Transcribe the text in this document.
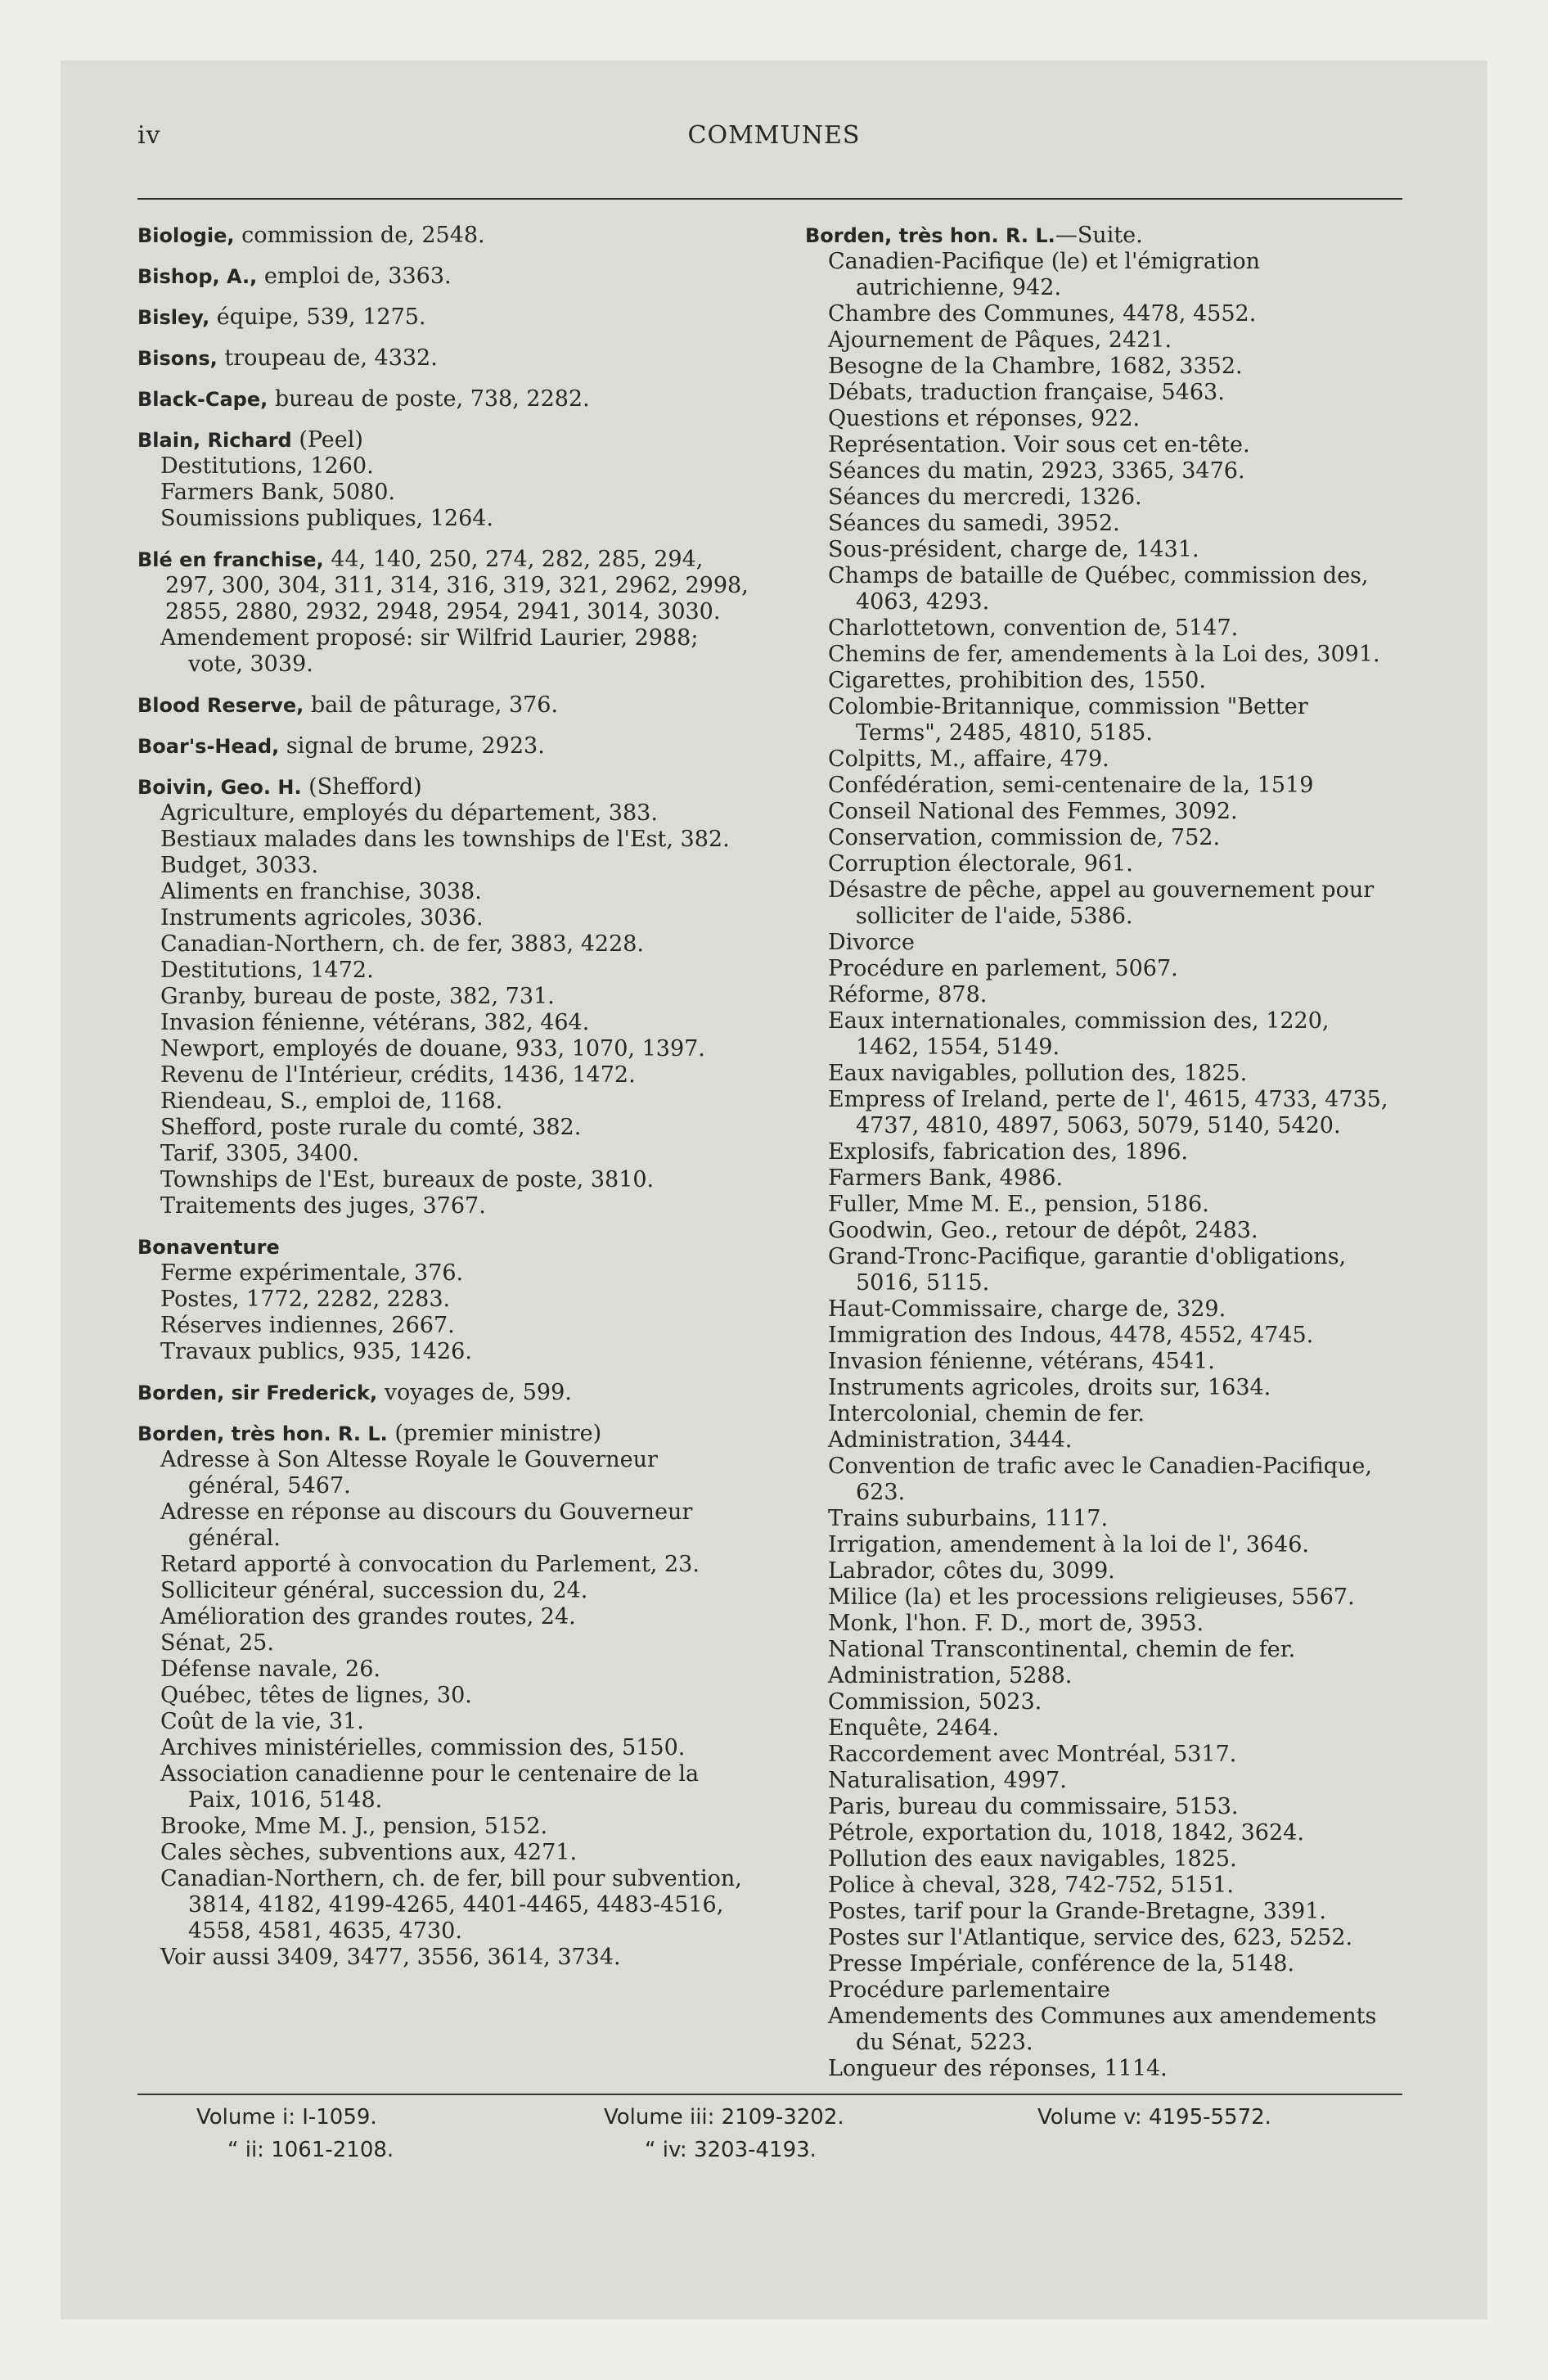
iv	COMMUNES
Biologie, commission de, 2548.
Bishop, A., emploi de, 3363.
Bisley, équipe, 539, 1275.
Bisons, troupeau de, 4332.
Black-Cape, bureau de poste, 738, 2282.
Blain, Richard (Peel)
Destitutions, 1260.
Farmers Bank, 5080.
Soumissions publiques, 1264.
Blé en franchise, 44, 140, 250, 274, 282, 285, 294, 297, 300, 304, 311, 314, 316, 319, 321, 2962, 2998, 2855, 2880, 2932, 2948, 2954, 2941, 3014, 3030.
Amendement proposé: sir Wilfrid Laurier, 2988; vote, 3039.
Blood Reserve, bail de pâturage, 376.
Boar's-Head, signal de brume, 2923.
Boivin, Geo. H. (Shefford)
Agriculture, employés du département, 383.
Bestiaux malades dans les townships de l'Est, 382.
Budget, 3033.
Aliments en franchise, 3038.
Instruments agricoles, 3036.
Canadian-Northern, ch. de fer, 3883, 4228.
Destitutions, 1472.
Granby, bureau de poste, 382, 731.
Invasion fénienne, vétérans, 382, 464.
Newport, employés de douane, 933, 1070, 1397.
Revenu de l'Intérieur, crédits, 1436, 1472.
Riendeau, S., emploi de, 1168.
Shefford, poste rurale du comté, 382.
Tarif, 3305, 3400.
Townships de l'Est, bureaux de poste, 3810.
Traitements des juges, 3767.
Bonaventure
Ferme expérimentale, 376.
Postes, 1772, 2282, 2283.
Réserves indiennes, 2667.
Travaux publics, 935, 1426.
Borden, sir Frederick, voyages de, 599.
Borden, très hon. R. L. (premier ministre)
Adresse à Son Altesse Royale le Gouverneur général, 5467.
Adresse en réponse au discours du Gouverneur général.
Retard apporté à convocation du Parlement, 23.
Solliciteur général, succession du, 24.
Amélioration des grandes routes, 24.
Sénat, 25.
Défense navale, 26.
Québec, têtes de lignes, 30.
Coût de la vie, 31.
Archives ministérielles, commission des, 5150.
Association canadienne pour le centenaire de la Paix, 1016, 5148.
Brooke, Mme M. J., pension, 5152.
Cales sèches, subventions aux, 4271.
Canadian-Northern, ch. de fer, bill pour subvention, 3814, 4182, 4199-4265, 4401-4465, 4483-4516, 4558, 4581, 4635, 4730.
Voir aussi 3409, 3477, 3556, 3614, 3734.
Borden, très hon. R. L.—Suite.
Canadien-Pacifique (le) et l'émigration autrichienne, 942.
Chambre des Communes, 4478, 4552.
Ajournement de Pâques, 2421.
Besogne de la Chambre, 1682, 3352.
Débats, traduction française, 5463.
Questions et réponses, 922.
Représentation. Voir sous cet en-tête.
Séances du matin, 2923, 3365, 3476.
Séances du mercredi, 1326.
Séances du samedi, 3952.
Sous-président, charge de, 1431.
Champs de bataille de Québec, commission des, 4063, 4293.
Charlottetown, convention de, 5147.
Chemins de fer, amendements à la Loi des, 3091.
Cigarettes, prohibition des, 1550.
Colombie-Britannique, commission "Better Terms", 2485, 4810, 5185.
Colpitts, M., affaire, 479.
Confédération, semi-centenaire de la, 1519
Conseil National des Femmes, 3092.
Conservation, commission de, 752.
Corruption électorale, 961.
Désastre de pêche, appel au gouvernement pour solliciter de l'aide, 5386.
Divorce
Procédure en parlement, 5067.
Réforme, 878.
Eaux internationales, commission des, 1220, 1462, 1554, 5149.
Eaux navigables, pollution des, 1825.
Empress of Ireland, perte de l', 4615, 4733, 4735, 4737, 4810, 4897, 5063, 5079, 5140, 5420.
Explosifs, fabrication des, 1896.
Farmers Bank, 4986.
Fuller, Mme M. E., pension, 5186.
Goodwin, Geo., retour de dépôt, 2483.
Grand-Tronc-Pacifique, garantie d'obligations, 5016, 5115.
Haut-Commissaire, charge de, 329.
Immigration des Indous, 4478, 4552, 4745.
Invasion fénienne, vétérans, 4541.
Instruments agricoles, droits sur, 1634.
Intercolonial, chemin de fer.
Administration, 3444.
Convention de trafic avec le Canadien-Pacifique, 623.
Trains suburbains, 1117.
Irrigation, amendement à la loi de l', 3646.
Labrador, côtes du, 3099.
Milice (la) et les processions religieuses, 5567.
Monk, l'hon. F. D., mort de, 3953.
National Transcontinental, chemin de fer.
Administration, 5288.
Commission, 5023.
Enquête, 2464.
Raccordement avec Montréal, 5317.
Naturalisation, 4997.
Paris, bureau du commissaire, 5153.
Pétrole, exportation du, 1018, 1842, 3624.
Pollution des eaux navigables, 1825.
Police à cheval, 328, 742-752, 5151.
Postes, tarif pour la Grande-Bretagne, 3391.
Postes sur l'Atlantique, service des, 623, 5252.
Presse Impériale, conférence de la, 5148.
Procédure parlementaire
Amendements des Communes aux amendements du Sénat, 5223.
Longueur des réponses, 1114.
Volume i: I-1059.
“ ii: 1061-2108.
Volume iii: 2109-3202.
“ iv: 3203-4193.
Volume v: 4195-5572.
